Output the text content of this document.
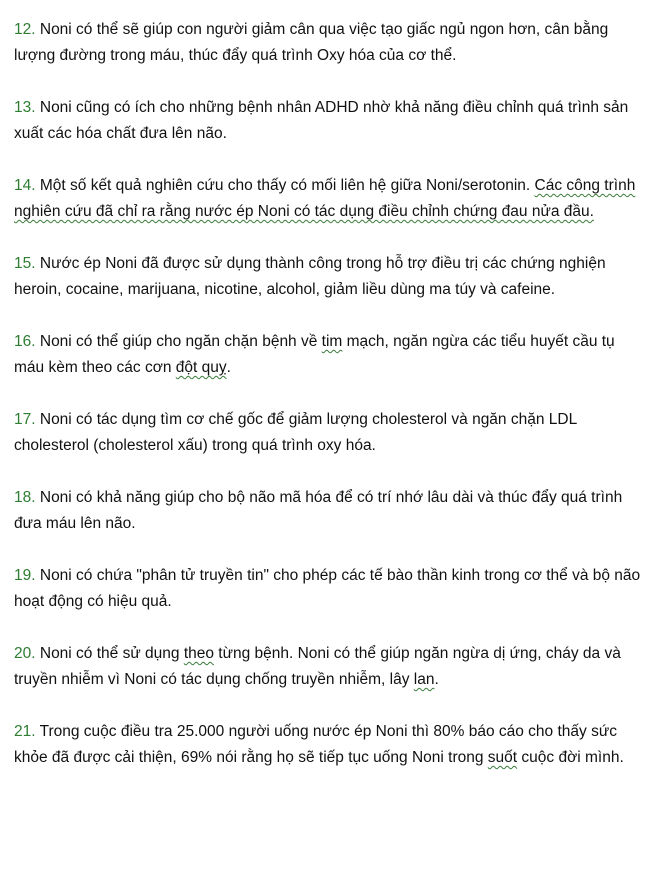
12. Noni có thể sẽ giúp con người giảm cân qua việc tạo giấc ngủ ngon hơn, cân bằng lượng đường trong máu, thúc đẩy quá trình Oxy hóa của cơ thể.

13. Noni cũng có ích cho những bệnh nhân ADHD nhờ khả năng điều chỉnh quá trình sản xuất các hóa chất đưa lên não.

14. Một số kết quả nghiên cứu cho thấy có mối liên hệ giữa Noni/serotonin. Các công trình nghiên cứu đã chỉ ra rằng nước ép Noni có tác dụng điều chỉnh chứng đau nửa đầu.

15. Nước ép Noni đã được sử dụng thành công trong hỗ trợ điều trị các chứng nghiện heroin, cocaine, marijuana, nicotine, alcohol, giảm liều dùng ma túy và cafeine.

16. Noni có thể giúp cho ngăn chặn bệnh về tim mạch, ngăn ngừa các tiểu huyết cầu tụ máu kèm theo các cơn đột quỵ.

17. Noni có tác dụng tìm cơ chế gốc để giảm lượng cholesterol và ngăn chặn LDL cholesterol (cholesterol xấu) trong quá trình oxy hóa.

18. Noni có khả năng giúp cho bộ não mã hóa để có trí nhớ lâu dài và thúc đẩy quá trình đưa máu lên não.

19. Noni có chứa "phân tử truyền tin" cho phép các tế bào thần kinh trong cơ thể và bộ não hoạt động có hiệu quả.

20. Noni có thể sử dụng theo từng bệnh. Noni có thể giúp ngăn ngừa dị ứng, cháy da và truyền nhiễm vì Noni có tác dụng chống truyền nhiễm, lây lan.

21. Trong cuộc điều tra 25.000 người uống nước ép Noni thì 80% báo cáo cho thấy sức khỏe đã được cải thiện, 69% nói rằng họ sẽ tiếp tục uống Noni trong suốt cuộc đời mình.
